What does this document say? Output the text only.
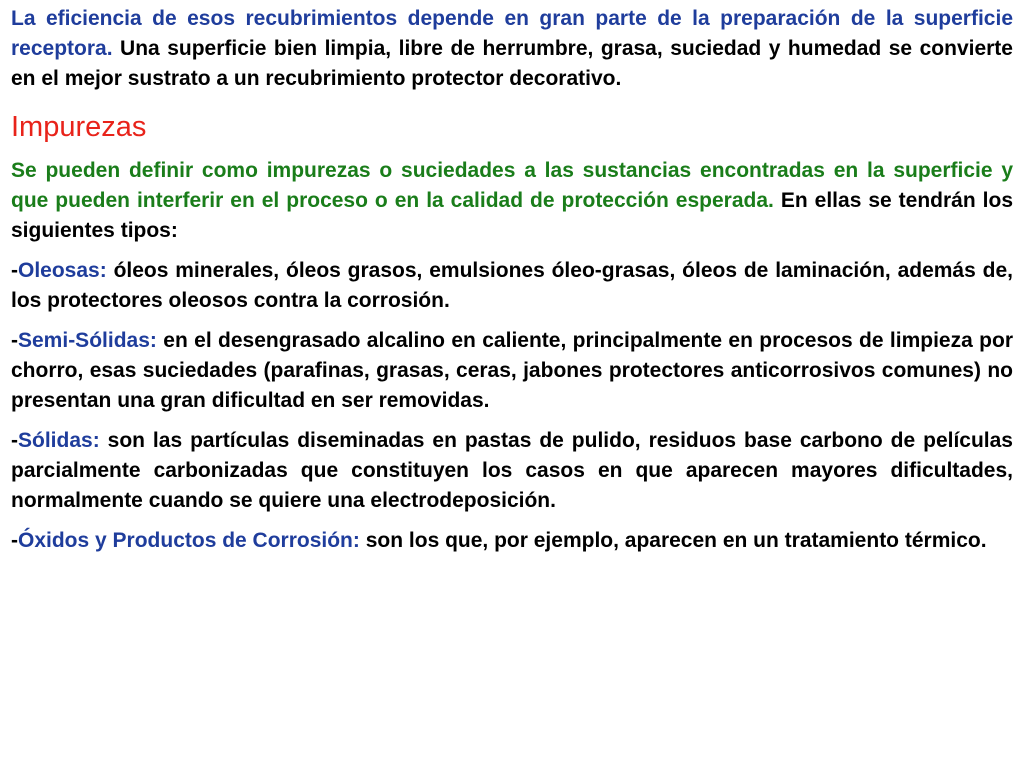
La eficiencia de esos recubrimientos depende en gran parte de la preparación de la superficie receptora. Una superficie bien limpia, libre de herrumbre, grasa, suciedad y humedad se convierte en el mejor sustrato a un recubrimiento protector decorativo.

Impurezas

Se pueden definir como impurezas o suciedades a las sustancias encontradas en la superficie y que pueden interferir en el proceso o en la calidad de protección esperada. En ellas se tendrán los siguientes tipos:

-Oleosas: óleos minerales, óleos grasos, emulsiones óleo-grasas, óleos de laminación, además de, los protectores oleosos contra la corrosión.

-Semi-Sólidas: en el desengrasado alcalino en caliente, principalmente en procesos de limpieza por chorro, esas suciedades (parafinas, grasas, ceras, jabones protectores anticorrosivos comunes) no presentan una gran dificultad en ser removidas.

-Sólidas: son las partículas diseminadas en pastas de pulido, residuos base carbono de películas parcialmente carbonizadas que constituyen los casos en que aparecen mayores dificultades, normalmente cuando se quiere una electrodeposición.

-Óxidos y Productos de Corrosión: son los que, por ejemplo, aparecen en un tratamiento térmico.
